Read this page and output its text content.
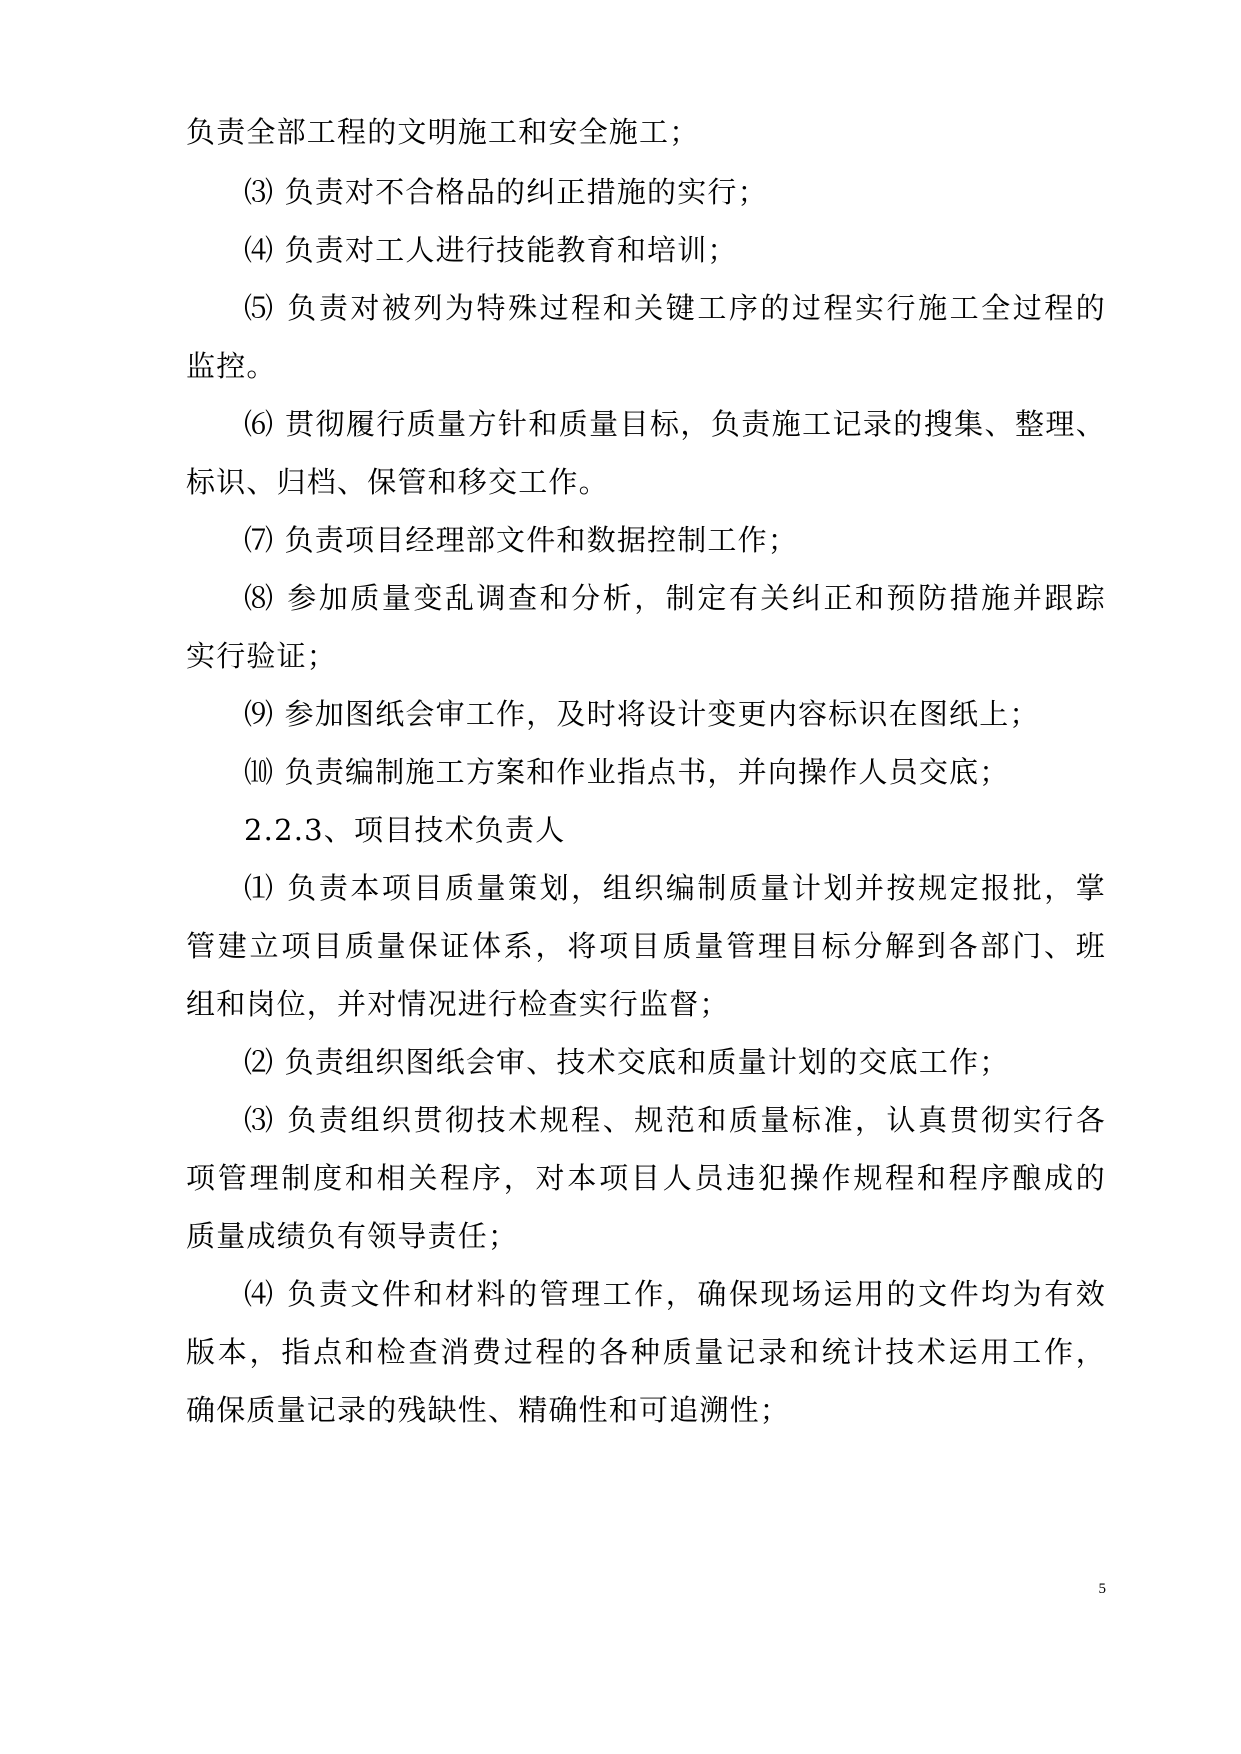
负责全部工程的文明施工和安全施工；
⑶ 负责对不合格品的纠正措施的实行；
⑷ 负责对工人进行技能教育和培训；
⑸ 负责对被列为特殊过程和关键工序的过程实行施工全过程的
监控。
⑹ 贯彻履行质量方针和质量目标，负责施工记录的搜集、整理、
标识、归档、保管和移交工作。
⑺ 负责项目经理部文件和数据控制工作；
⑻ 参加质量变乱调查和分析，制定有关纠正和预防措施并跟踪
实行验证；
⑼ 参加图纸会审工作，及时将设计变更内容标识在图纸上；
⑽ 负责编制施工方案和作业指点书，并向操作人员交底；
2.2.3、项目技术负责人
⑴ 负责本项目质量策划，组织编制质量计划并按规定报批，掌
管建立项目质量保证体系，将项目质量管理目标分解到各部门、班
组和岗位，并对情况进行检查实行监督；
⑵ 负责组织图纸会审、技术交底和质量计划的交底工作；
⑶ 负责组织贯彻技术规程、规范和质量标准，认真贯彻实行各
项管理制度和相关程序，对本项目人员违犯操作规程和程序酿成的
质量成绩负有领导责任；
⑷ 负责文件和材料的管理工作，确保现场运用的文件均为有效
版本，指点和检查消费过程的各种质量记录和统计技术运用工作，
确保质量记录的残缺性、精确性和可追溯性；
5
